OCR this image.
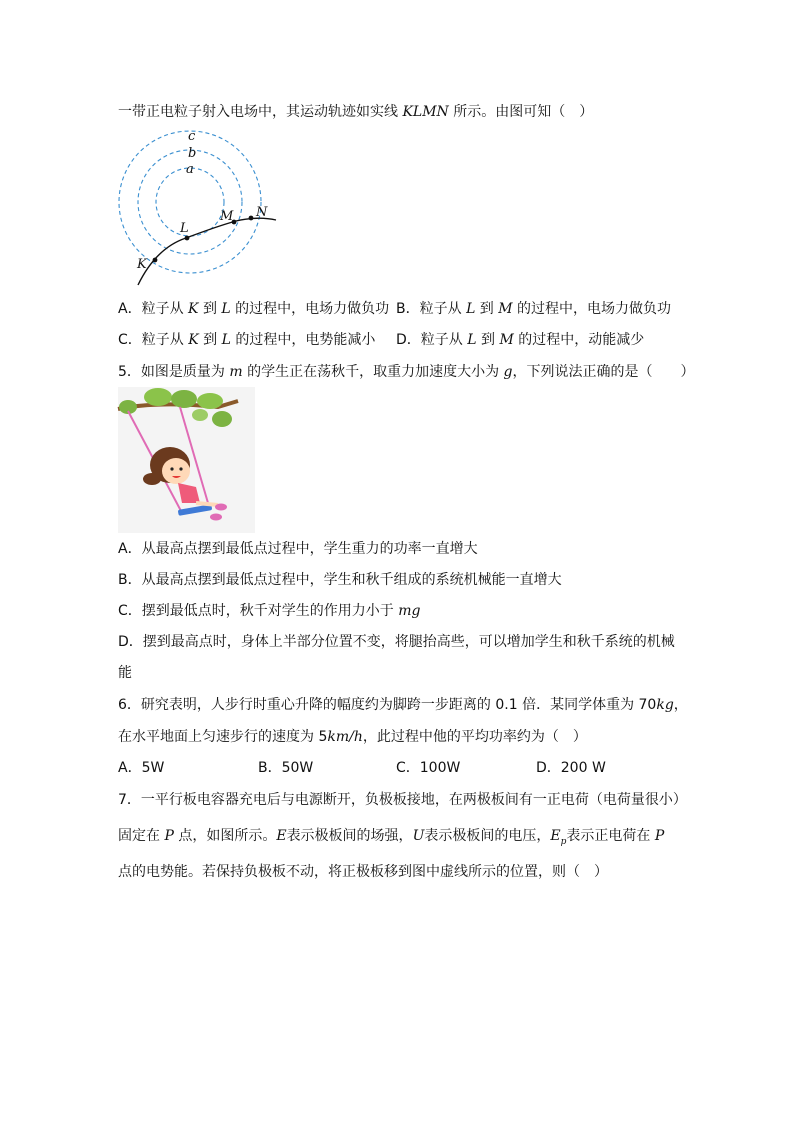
一带正电粒子射入电场中，其运动轨迹如实线 KLMN 所示。由图可知（　）
c
b
a
K
L
M N
A．粒子从 K 到 L 的过程中，电场力做负功 B．粒子从 L 到 M 的过程中，电场力做负功
C．粒子从 K 到 L 的过程中，电势能减小 D．粒子从 L 到 M 的过程中，动能减少
5．如图是质量为 m 的学生正在荡秋千，取重力加速度大小为 g，下列说法正确的是（　　）
A．从最高点摆到最低点过程中，学生重力的功率一直增大
B．从最高点摆到最低点过程中，学生和秋千组成的系统机械能一直增大
C．摆到最低点时，秋千对学生的作用力小于 mg
D．摆到最高点时，身体上半部分位置不变，将腿抬高些，可以增加学生和秋千系统的机械
能
6．研究表明，人步行时重心升降的幅度约为脚跨一步距离的 0.1 倍．某同学体重为 70kg，
在水平地面上匀速步行的速度为 5km/h，此过程中他的平均功率约为（　）
A．5W	B．50W	C．100W	D．200 W
7．一平行板电容器充电后与电源断开，负极板接地，在两极板间有一正电荷（电荷量很小）
固定在 P 点，如图所示。E表示极板间的场强，U表示极板间的电压，$E_p$表示正电荷在 P
点的电势能。若保持负极板不动，将正极板移到图中虚线所示的位置，则（　）
